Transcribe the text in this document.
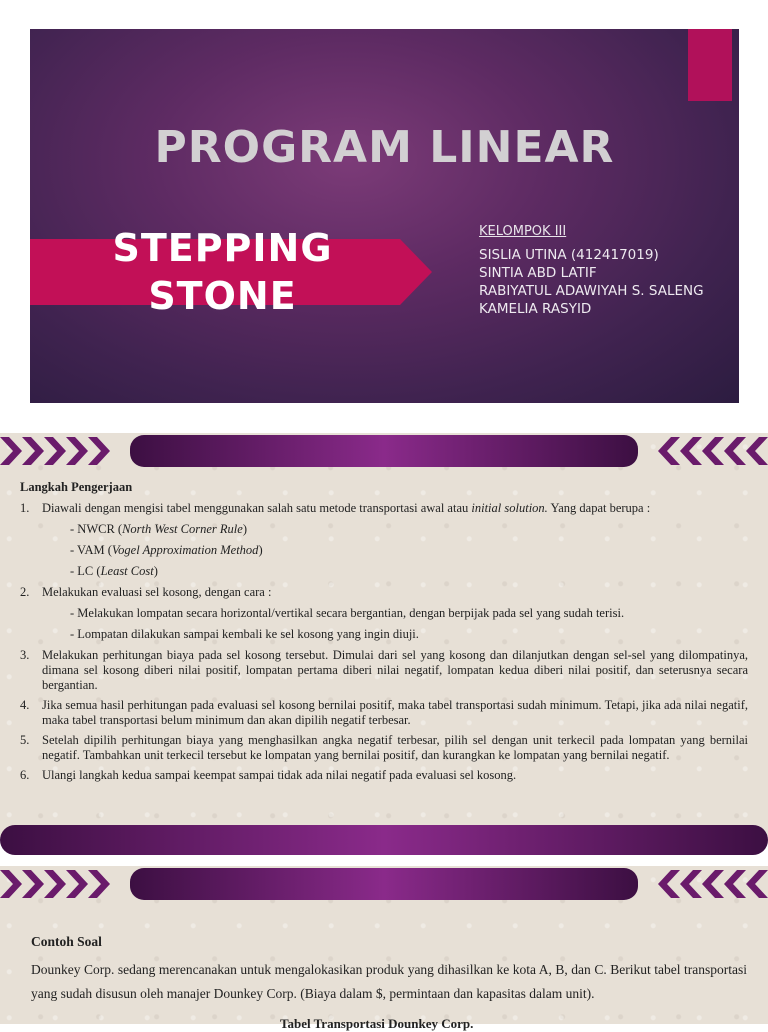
PROGRAM LINEAR
STEPPING
STONE
KELOMPOK III
SISLIA UTINA (412417019)
SINTIA ABD LATIF
RABIYATUL ADAWIYAH S. SALENG
KAMELIA RASYID
Langkah Pengerjaan
1. Diawali dengan mengisi tabel menggunakan salah satu metode transportasi awal atau initial solution. Yang dapat berupa :
- NWCR (North West Corner Rule)
- VAM (Vogel Approximation Method)
- LC (Least Cost)
2. Melakukan evaluasi sel kosong, dengan cara :
- Melakukan lompatan secara horizontal/vertikal secara bergantian, dengan berpijak pada sel yang sudah terisi.
- Lompatan dilakukan sampai kembali ke sel kosong yang ingin diuji.
3. Melakukan perhitungan biaya pada sel kosong tersebut. Dimulai dari sel yang kosong dan dilanjutkan dengan sel-sel yang dilompatinya, dimana sel kosong diberi nilai positif, lompatan pertama diberi nilai negatif, lompatan kedua diberi nilai positif, dan seterusnya secara bergantian.
4. Jika semua hasil perhitungan pada evaluasi sel kosong bernilai positif, maka tabel transportasi sudah minimum. Tetapi, jika ada nilai negatif, maka tabel transportasi belum minimum dan akan dipilih negatif terbesar.
5. Setelah dipilih perhitungan biaya yang menghasilkan angka negatif terbesar, pilih sel dengan unit terkecil pada lompatan yang bernilai negatif. Tambahkan unit terkecil tersebut ke lompatan yang bernilai positif, dan kurangkan ke lompatan yang bernilai negatif.
6. Ulangi langkah kedua sampai keempat sampai tidak ada nilai negatif pada evaluasi sel kosong.
Contoh Soal
Dounkey Corp. sedang merencanakan untuk mengalokasikan produk yang dihasilkan ke kota A, B, dan C. Berikut tabel transportasi yang sudah disusun oleh manajer Dounkey Corp. (Biaya dalam $, permintaan dan kapasitas dalam unit).
Tabel Transportasi Dounkey Corp.
